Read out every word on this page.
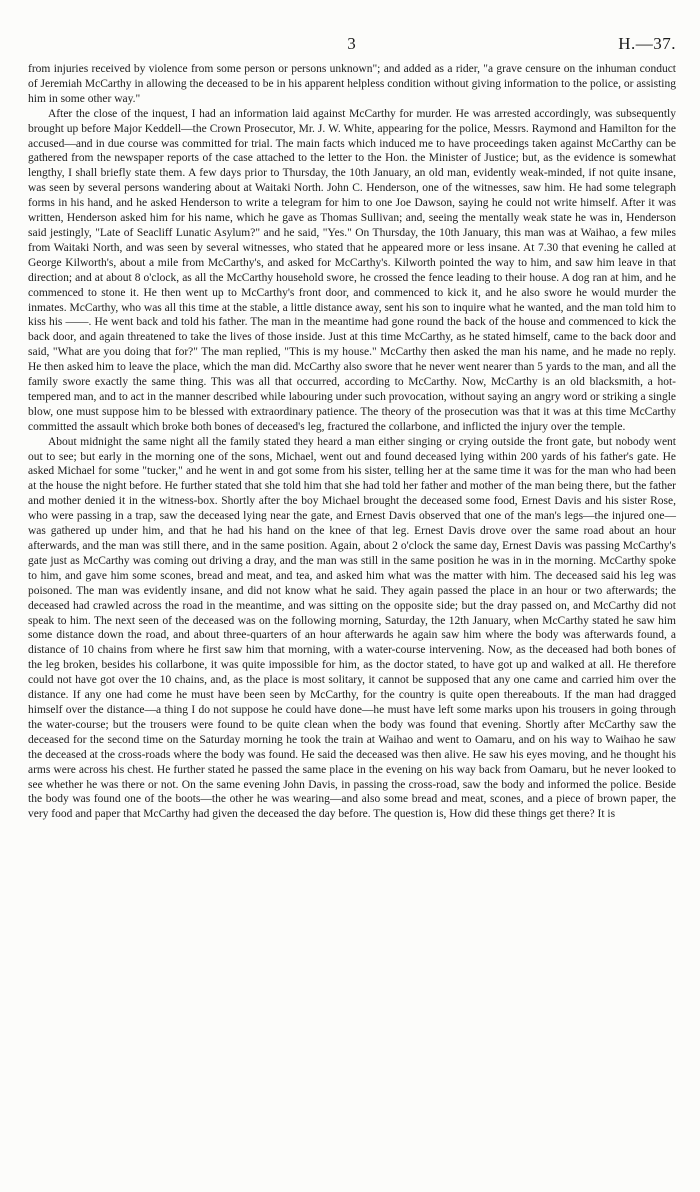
3	H.—37.

from injuries received by violence from some person or persons unknown"; and added as a rider, "a grave censure on the inhuman conduct of Jeremiah McCarthy in allowing the deceased to be in his apparent helpless condition without giving information to the police, or assisting him in some other way."

After the close of the inquest, I had an information laid against McCarthy for murder. He was arrested accordingly, was subsequently brought up before Major Keddell—the Crown Prosecutor, Mr. J. W. White, appearing for the police, Messrs. Raymond and Hamilton for the accused—and in due course was committed for trial. The main facts which induced me to have proceedings taken against McCarthy can be gathered from the newspaper reports of the case attached to the letter to the Hon. the Minister of Justice; but, as the evidence is somewhat lengthy, I shall briefly state them. A few days prior to Thursday, the 10th January, an old man, evidently weak-minded, if not quite insane, was seen by several persons wandering about at Waitaki North. John C. Henderson, one of the witnesses, saw him. He had some telegraph forms in his hand, and he asked Henderson to write a telegram for him to one Joe Dawson, saying he could not write himself. After it was written, Henderson asked him for his name, which he gave as Thomas Sullivan; and, seeing the mentally weak state he was in, Henderson said jestingly, "Late of Seacliff Lunatic Asylum?" and he said, "Yes." On Thursday, the 10th January, this man was at Waihao, a few miles from Waitaki North, and was seen by several witnesses, who stated that he appeared more or less insane. At 7.30 that evening he called at George Kilworth's, about a mile from McCarthy's, and asked for McCarthy's. Kilworth pointed the way to him, and saw him leave in that direction; and at about 8 o'clock, as all the McCarthy household swore, he crossed the fence leading to their house. A dog ran at him, and he commenced to stone it. He then went up to McCarthy's front door, and commenced to kick it, and he also swore he would murder the inmates. McCarthy, who was all this time at the stable, a little distance away, sent his son to inquire what he wanted, and the man told him to kiss his ——. He went back and told his father. The man in the meantime had gone round the back of the house and commenced to kick the back door, and again threatened to take the lives of those inside. Just at this time McCarthy, as he stated himself, came to the back door and said, "What are you doing that for?" The man replied, "This is my house." McCarthy then asked the man his name, and he made no reply. He then asked him to leave the place, which the man did. McCarthy also swore that he never went nearer than 5 yards to the man, and all the family swore exactly the same thing. This was all that occurred, according to McCarthy. Now, McCarthy is an old blacksmith, a hot-tempered man, and to act in the manner described while labouring under such provocation, without saying an angry word or striking a single blow, one must suppose him to be blessed with extraordinary patience. The theory of the prosecution was that it was at this time McCarthy committed the assault which broke both bones of deceased's leg, fractured the collarbone, and inflicted the injury over the temple.

About midnight the same night all the family stated they heard a man either singing or crying outside the front gate, but nobody went out to see; but early in the morning one of the sons, Michael, went out and found deceased lying within 200 yards of his father's gate. He asked Michael for some "tucker," and he went in and got some from his sister, telling her at the same time it was for the man who had been at the house the night before. He further stated that she told him that she had told her father and mother of the man being there, but the father and mother denied it in the witness-box. Shortly after the boy Michael brought the deceased some food, Ernest Davis and his sister Rose, who were passing in a trap, saw the deceased lying near the gate, and Ernest Davis observed that one of the man's legs—the injured one—was gathered up under him, and that he had his hand on the knee of that leg. Ernest Davis drove over the same road about an hour afterwards, and the man was still there, and in the same position. Again, about 2 o'clock the same day, Ernest Davis was passing McCarthy's gate just as McCarthy was coming out driving a dray, and the man was still in the same position he was in in the morning. McCarthy spoke to him, and gave him some scones, bread and meat, and tea, and asked him what was the matter with him. The deceased said his leg was poisoned. The man was evidently insane, and did not know what he said. They again passed the place in an hour or two afterwards; the deceased had crawled across the road in the meantime, and was sitting on the opposite side; but the dray passed on, and McCarthy did not speak to him. The next seen of the deceased was on the following morning, Saturday, the 12th January, when McCarthy stated he saw him some distance down the road, and about three-quarters of an hour afterwards he again saw him where the body was afterwards found, a distance of 10 chains from where he first saw him that morning, with a water-course intervening. Now, as the deceased had both bones of the leg broken, besides his collarbone, it was quite impossible for him, as the doctor stated, to have got up and walked at all. He therefore could not have got over the 10 chains, and, as the place is most solitary, it cannot be supposed that any one came and carried him over the distance. If any one had come he must have been seen by McCarthy, for the country is quite open thereabouts. If the man had dragged himself over the distance—a thing I do not suppose he could have done—he must have left some marks upon his trousers in going through the water-course; but the trousers were found to be quite clean when the body was found that evening. Shortly after McCarthy saw the deceased for the second time on the Saturday morning he took the train at Waihao and went to Oamaru, and on his way to Waihao he saw the deceased at the cross-roads where the body was found. He said the deceased was then alive. He saw his eyes moving, and he thought his arms were across his chest. He further stated he passed the same place in the evening on his way back from Oamaru, but he never looked to see whether he was there or not. On the same evening John Davis, in passing the cross-road, saw the body and informed the police. Beside the body was found one of the boots—the other he was wearing—and also some bread and meat, scones, and a piece of brown paper, the very food and paper that McCarthy had given the deceased the day before. The question is, How did these things get there? It is
